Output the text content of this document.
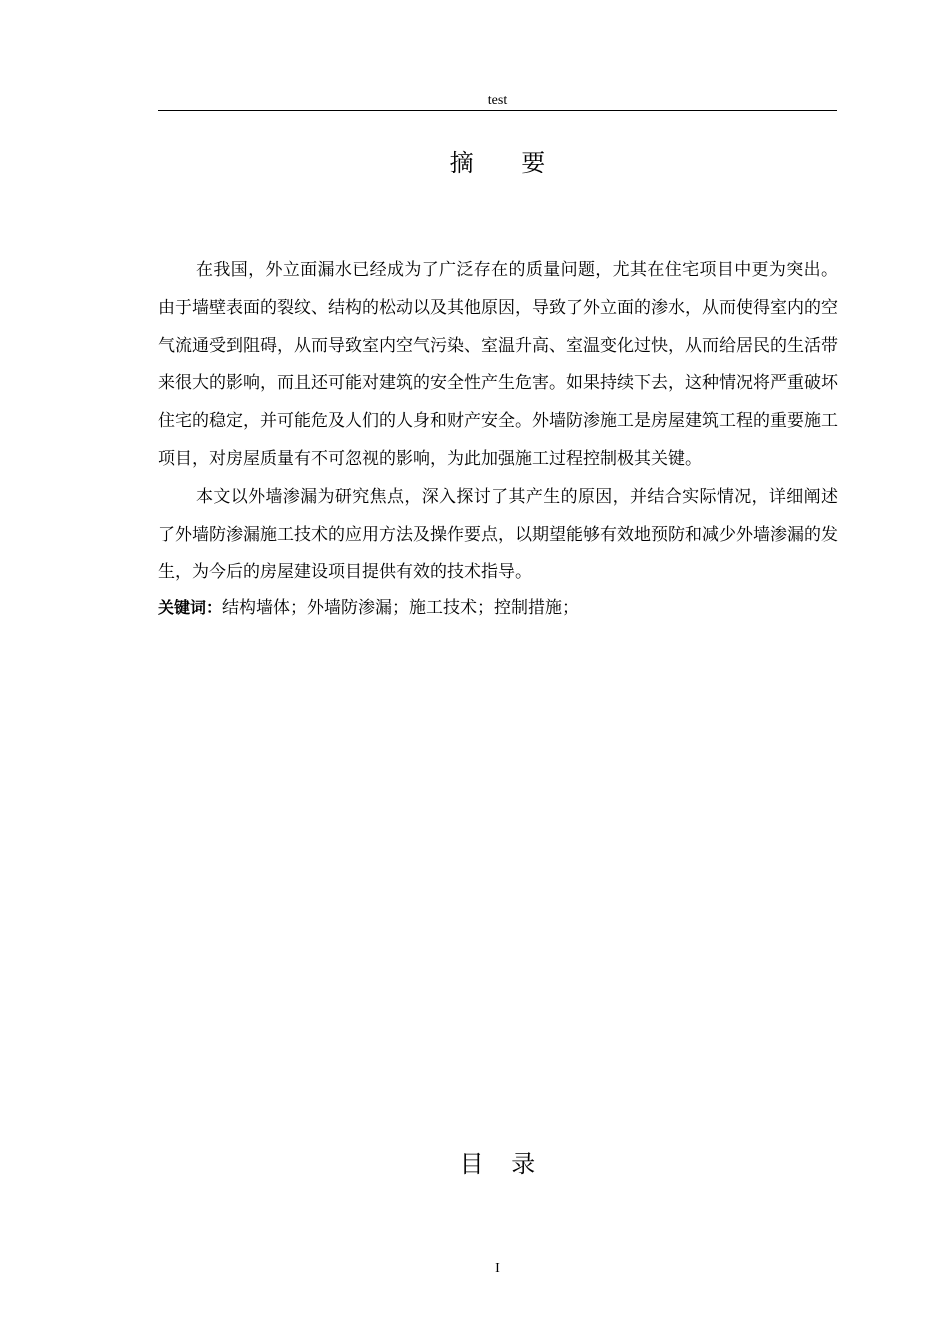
test
摘 要

在我国，外立面漏水已经成为了广泛存在的质量问题，尤其在住宅项目中更为突出。由于墙壁表面的裂纹、结构的松动以及其他原因，导致了外立面的渗水，从而使得室内的空气流通受到阻碍，从而导致室内空气污染、室温升高、室温变化过快，从而给居民的生活带来很大的影响，而且还可能对建筑的安全性产生危害。如果持续下去，这种情况将严重破坏住宅的稳定，并可能危及人们的人身和财产安全。外墙防渗施工是房屋建筑工程的重要施工项目，对房屋质量有不可忽视的影响，为此加强施工过程控制极其关键。

本文以外墙渗漏为研究焦点，深入探讨了其产生的原因，并结合实际情况，详细阐述了外墙防渗漏施工技术的应用方法及操作要点，以期望能够有效地预防和减少外墙渗漏的发生，为今后的房屋建设项目提供有效的技术指导。

关键词：结构墙体；外墙防渗漏；施工技术；控制措施；

目 录
I
